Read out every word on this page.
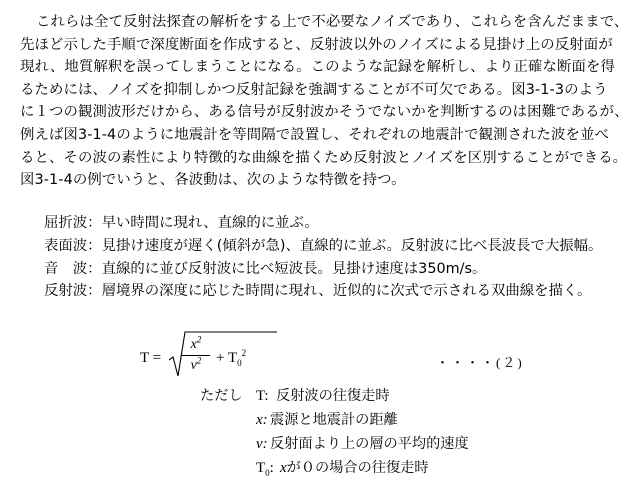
これらは全て反射法探査の解析をする上で不必要なノイズであり、これらを含んだままで、
先ほど示した手順で深度断面を作成すると、反射波以外のノイズによる見掛け上の反射面が
現れ、地質解釈を誤ってしまうことになる。このような記録を解析し、より正確な断面を得
るためには、ノイズを抑制しかつ反射記録を強調することが不可欠である。図3-1-3のよう
に１つの観測波形だけから、ある信号が反射波かそうでないかを判断するのは困難であるが、
例えば図3-1-4のように地震計を等間隔で設置し、それぞれの地震計で観測された波を並べ
ると、その波の素性により特徴的な曲線を描くため反射波とノイズを区別することができる。
図3-1-4の例でいうと、各波動は、次のような特徴を持つ。
屈折波：早い時間に現れ、直線的に並ぶ。
表面波：見掛け速度が遅く(傾斜が急)、直線的に並ぶ。反射波に比べ長波長で大振幅。
音　波：直線的に並び反射波に比べ短波長。見掛け速度は350m/s。
反射波：層境界の深度に応じた時間に現れ、近似的に次式で示される双曲線を描く。
T =
$x^2$
$v^2 + T_0^2$
・・・・(２)
ただし T: 反射波の往復走時
x: 震源と地震計の距離
v: 反射面より上の層の平均的速度
$T_0$: xが０の場合の往復走時
